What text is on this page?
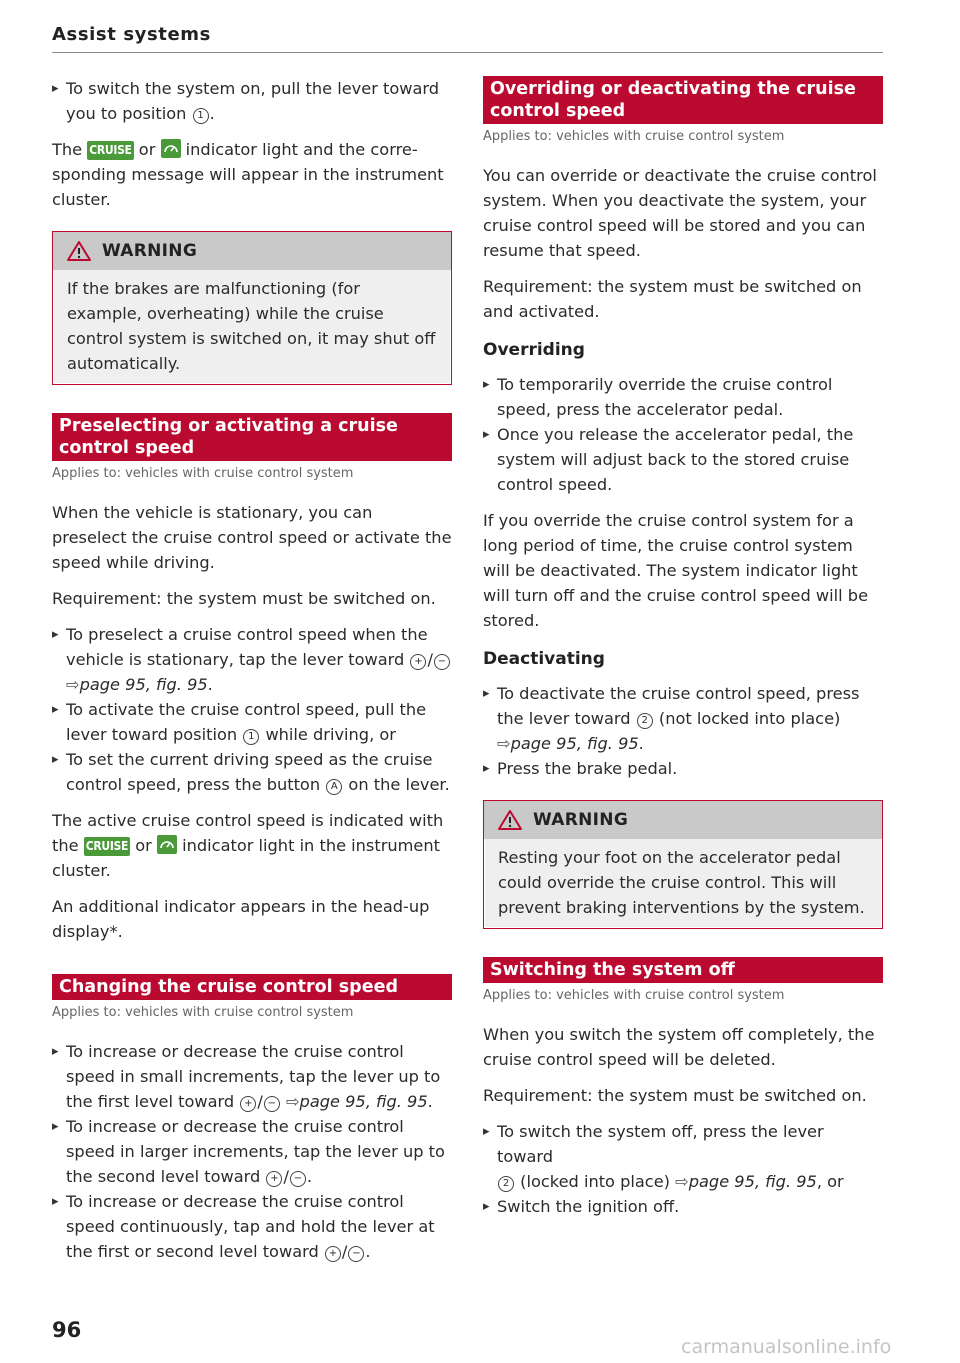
Assist systems
▸ To switch the system on, pull the lever toward you to position 1 .

The CRUISE or indicator light and the corresponding message will appear in the instrument cluster.

WARNING

If the brakes are malfunctioning (for example, overheating) while the cruise control system is switched on, it may shut off automatically.

Preselecting or activating a cruise control speed
Applies to: vehicles with cruise control system

When the vehicle is stationary, you can preselect the cruise control speed or activate the speed while driving.

Requirement: the system must be switched on.

▸ To preselect a cruise control speed when the vehicle is stationary, tap the lever toward + / −
⇨page 95, fig. 95.
▸ To activate the cruise control speed, pull the lever toward position 1 while driving, or
▸ To set the current driving speed as the cruise control speed, press the button A on the lever.

The active cruise control speed is indicated with the CRUISE or indicator light in the instrument cluster.

An additional indicator appears in the head-up display*.

Changing the cruise control speed
Applies to: vehicles with cruise control system
▸ To increase or decrease the cruise control speed in small increments, tap the lever up to the first level toward + / − ⇨page 95, fig. 95.
▸ To increase or decrease the cruise control speed in larger increments, tap the lever up to the second level toward + / − .
▸ To increase or decrease the cruise control speed continuously, tap and hold the lever at the first or second level toward + / − .
Overriding or deactivating the cruise control speed
Applies to: vehicles with cruise control system

You can override or deactivate the cruise control system. When you deactivate the system, your cruise control speed will be stored and you can resume that speed.

Requirement: the system must be switched on and activated.

Overriding
▸ To temporarily override the cruise control speed, press the accelerator pedal.
▸ Once you release the accelerator pedal, the system will adjust back to the stored cruise control speed.

If you override the cruise control system for a long period of time, the cruise control system will be deactivated. The system indicator light will turn off and the cruise control speed will be stored.

Deactivating
▸ To deactivate the cruise control speed, press the lever toward 2 (not locked into place)
⇨page 95, fig. 95.
▸ Press the brake pedal.
WARNING

Resting your foot on the accelerator pedal could override the cruise control. This will prevent braking interventions by the system.

Switching the system off
Applies to: vehicles with cruise control system

When you switch the system off completely, the cruise control speed will be deleted.

Requirement: the system must be switched on.

▸ To switch the system off, press the lever toward
2 (locked into place) ⇨page 95, fig. 95, or
▸ Switch the ignition off.
96
carmanualsonline.info
